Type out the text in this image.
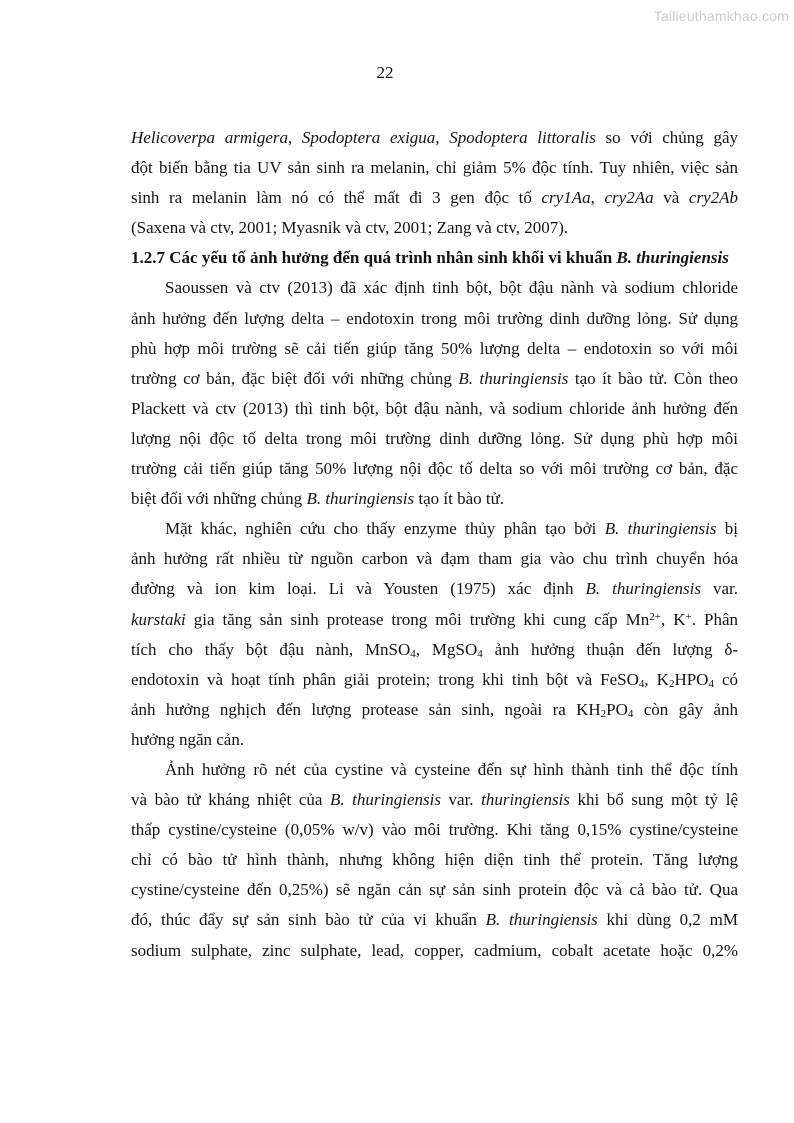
Tailieuthamkhao.com
22
Helicoverpa armigera, Spodoptera exigua, Spodoptera littoralis so với chủng gây
đột biến bằng tia UV sản sinh ra melanin, chỉ giảm 5% độc tính. Tuy nhiên, việc sản
sinh ra melanin làm nó có thể mất đi 3 gen độc tố cry1Aa, cry2Aa và cry2Ab
(Saxena và ctv, 2001; Myasnik và ctv, 2001; Zang và ctv, 2007).
1.2.7 Các yếu tố ảnh hưởng đến quá trình nhân sinh khối vi khuẩn B. thuringiensis
Saoussen và ctv (2013) đã xác định tinh bột, bột đậu nành và sodium chloride
ảnh hưởng đến lượng delta – endotoxin trong môi trường dinh dưỡng lỏng. Sử dụng
phù hợp môi trường sẽ cải tiến giúp tăng 50% lượng delta – endotoxin so với môi
trường cơ bản, đặc biệt đối với những chủng B. thuringiensis tạo ít bào tử. Còn theo
Plackett và ctv (2013) thì tinh bột, bột đậu nành, và sodium chloride ảnh hưởng đến
lượng nội độc tố delta trong môi trường dinh dưỡng lỏng. Sử dụng phù hợp môi
trường cải tiến giúp tăng 50% lượng nội độc tố delta so với môi trường cơ bản, đặc
biệt đối với những chủng B. thuringiensis tạo ít bào tử.
Mặt khác, nghiên cứu cho thấy enzyme thủy phân tạo bởi B. thuringiensis bị
ảnh hưởng rất nhiều từ nguồn carbon và đạm tham gia vào chu trình chuyển hóa
đường và ion kim loại. Li và Yousten (1975) xác định B. thuringiensis var.
kurstaki gia tăng sản sinh protease trong môi trường khi cung cấp $Mn^{2+}$, K+. Phân
tích cho thấy bột đậu nành, MnSO4, MgSO4 ảnh hưởng thuận đến lượng δ-
endotoxin và hoạt tính phân giải protein; trong khi tinh bột và FeSO4, K2HPO4 có
ảnh hưởng nghịch đến lượng protease sản sinh, ngoài ra KH2PO4 còn gây ảnh
hưởng ngăn cản.
Ảnh hưởng rõ nét của cystine và cysteine đến sự hình thành tinh thể độc tính
và bào tử kháng nhiệt của B. thuringiensis var. thuringiensis khi bổ sung một tỷ lệ
thấp cystine/cysteine (0,05% w/v) vào môi trường. Khi tăng 0,15% cystine/cysteine
chỉ có bào tử hình thành, nhưng không hiện diện tinh thể protein. Tăng lượng
cystine/cysteine đến 0,25%) sẽ ngăn cản sự sản sinh protein độc và cả bào tử. Qua
đó, thúc đẩy sự sản sinh bào tử của vi khuẩn B. thuringiensis khi dùng 0,2 mM
sodium sulphate, zinc sulphate, lead, copper, cadmium, cobalt acetate hoặc 0,2%
